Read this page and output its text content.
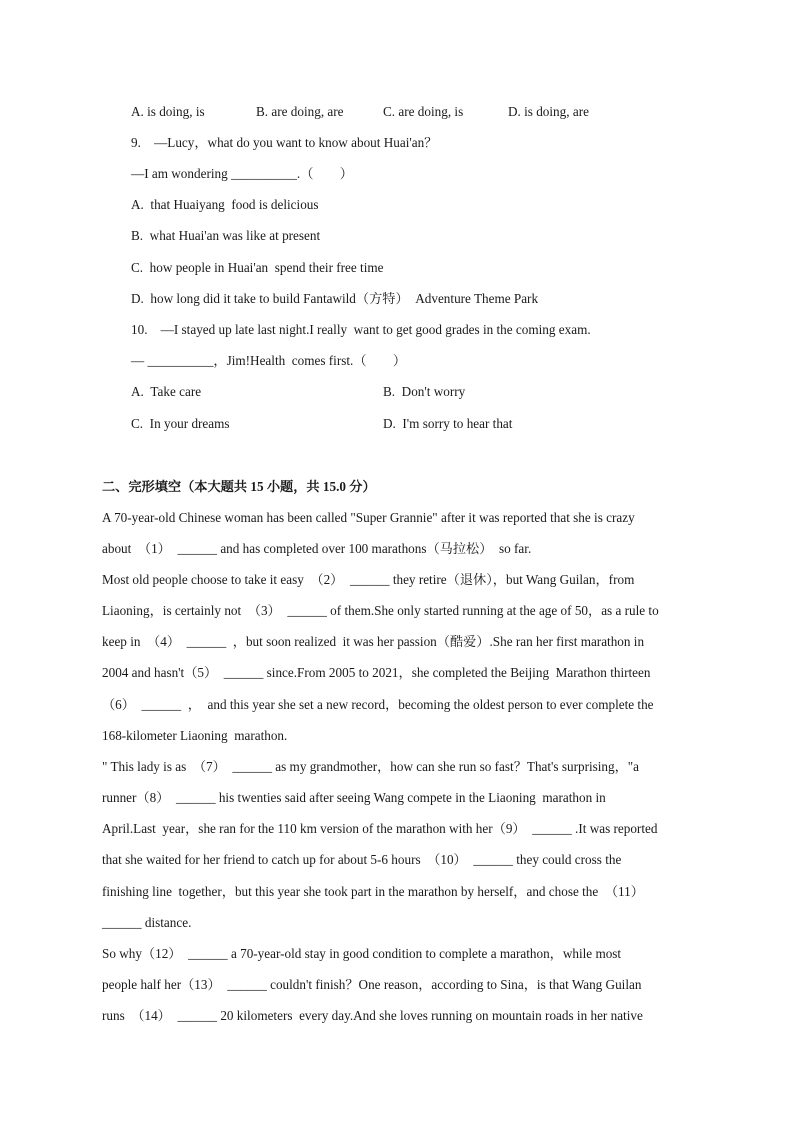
A. is doing, is	B. are doing, are	C. are doing, is	D. is doing, are
9.　—Lucy，what do you want to know about Huai'an？
—I am wondering __________.（　　）
A. that Huaiyang food is delicious
B. what Huai'an was like at present
C. how people in Huai'an spend their free time
D. how long did it take to build Fantawild（方特） Adventure Theme Park
10.  —I stayed up late last night.I really want to get good grades in the coming exam.
— __________，Jim!Health comes first.（　　）
A. Take care	B. Don't worry
C. In your dreams	D. I'm sorry to hear that
二、完形填空（本大题共 15 小题，共 15.0 分）
A 70-year-old Chinese woman has been called "Super Grannie" after it was reported that she is crazy
about （1） ______ and has completed over 100 marathons（马拉松） so far.
Most old people choose to take it easy （2） ______ they retire（退休），but Wang Guilan，from
Liaoning，is certainly not （3） ______ of them.She only started running at the age of 50，as a rule to
keep in （4） ______ ，but soon realized it was her passion（酷爱）.She ran her first marathon in
2004 and hasn't（5） ______ since.From 2005 to 2021，she completed the Beijing Marathon thirteen
（6） ______ ， and this year she set a new record，becoming the oldest person to ever complete the
168-kilometer Liaoning marathon.
" This lady is as （7） ______ as my grandmother，how can she run so fast？That's surprising，"a
runner（8） ______ his twenties said after seeing Wang compete in the Liaoning marathon in
April.Last year，she ran for the 110 km version of the marathon with her（9） ______ .It was reported
that she waited for her friend to catch up for about 5-6 hours （10） ______ they could cross the
finishing line together，but this year she took part in the marathon by herself，and chose the （11）
______ distance.
So why（12） ______ a 70-year-old stay in good condition to complete a marathon，while most
people half her（13） ______ couldn't finish？One reason，according to Sina，is that Wang Guilan
runs （14） ______ 20 kilometers every day.And she loves running on mountain roads in her native
